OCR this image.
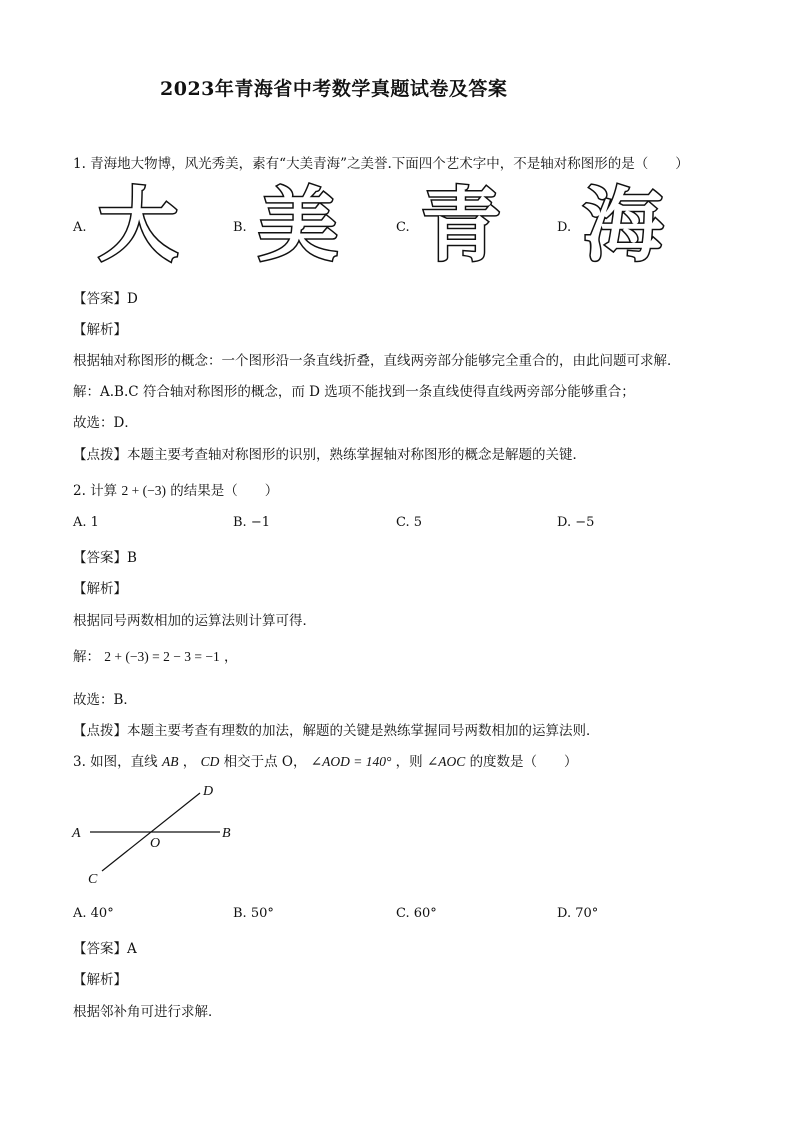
2023年青海省中考数学真题试卷及答案
1. 青海地大物博，风光秀美，素有“大美青海”之美誉.下面四个艺术字中，不是轴对称图形的是（　　）
A. 大	B. 美	C. 青	D. 海
【答案】D
【解析】
根据轴对称图形的概念：一个图形沿一条直线折叠，直线两旁部分能够完全重合的，由此问题可求解．
解：A.B.C 符合轴对称图形的概念，而 D 选项不能找到一条直线使得直线两旁部分能够重合；
故选：D．
【点拨】本题主要考查轴对称图形的识别，熟练掌握轴对称图形的概念是解题的关键．
2. 计算 2 + (−3) 的结果是（　　）
A. 1	B. −1	C. 5	D. −5
【答案】B
【解析】
根据同号两数相加的运算法则计算可得．
解： 2 + (−3) = 2 − 3 = −1 ，
故选：B．
【点拨】本题主要考查有理数的加法，解题的关键是熟练掌握同号两数相加的运算法则．
3. 如图，直线 AB ， CD 相交于点 O， ∠AOD = 140° ，则 ∠AOC 的度数是（　　）
A	B
C
D
O
A. 40°	B. 50°	C. 60°	D. 70°
【答案】A
【解析】
根据邻补角可进行求解．
